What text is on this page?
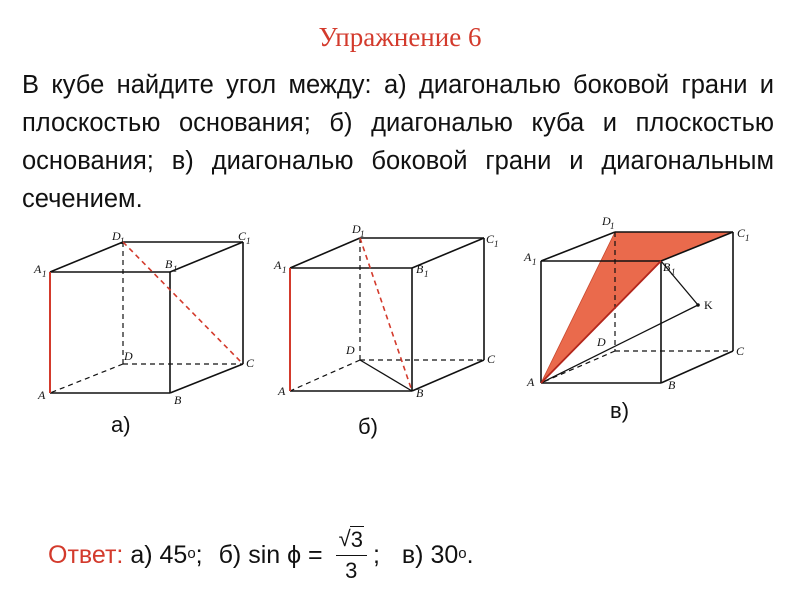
Упражнение 6
В кубе найдите угол между: а) диагональю боковой грани и плоскостью основания; б) диагональю куба и плоскостью основания; в) диагональю боковой грани и диагональным сечением.
A 1
D 1	C 1
B 1
D	C
A	B
а)
A 1
D 1	C 1
B 1
D
C
A	B
б)
A 1
D 1	C 1
B 1
K
D
C
A	B
в)
Ответ: а) 45$^o$ ; б) $\sin \phi = \frac{√ 3}{3}$ ; в) 30$^o$ .
